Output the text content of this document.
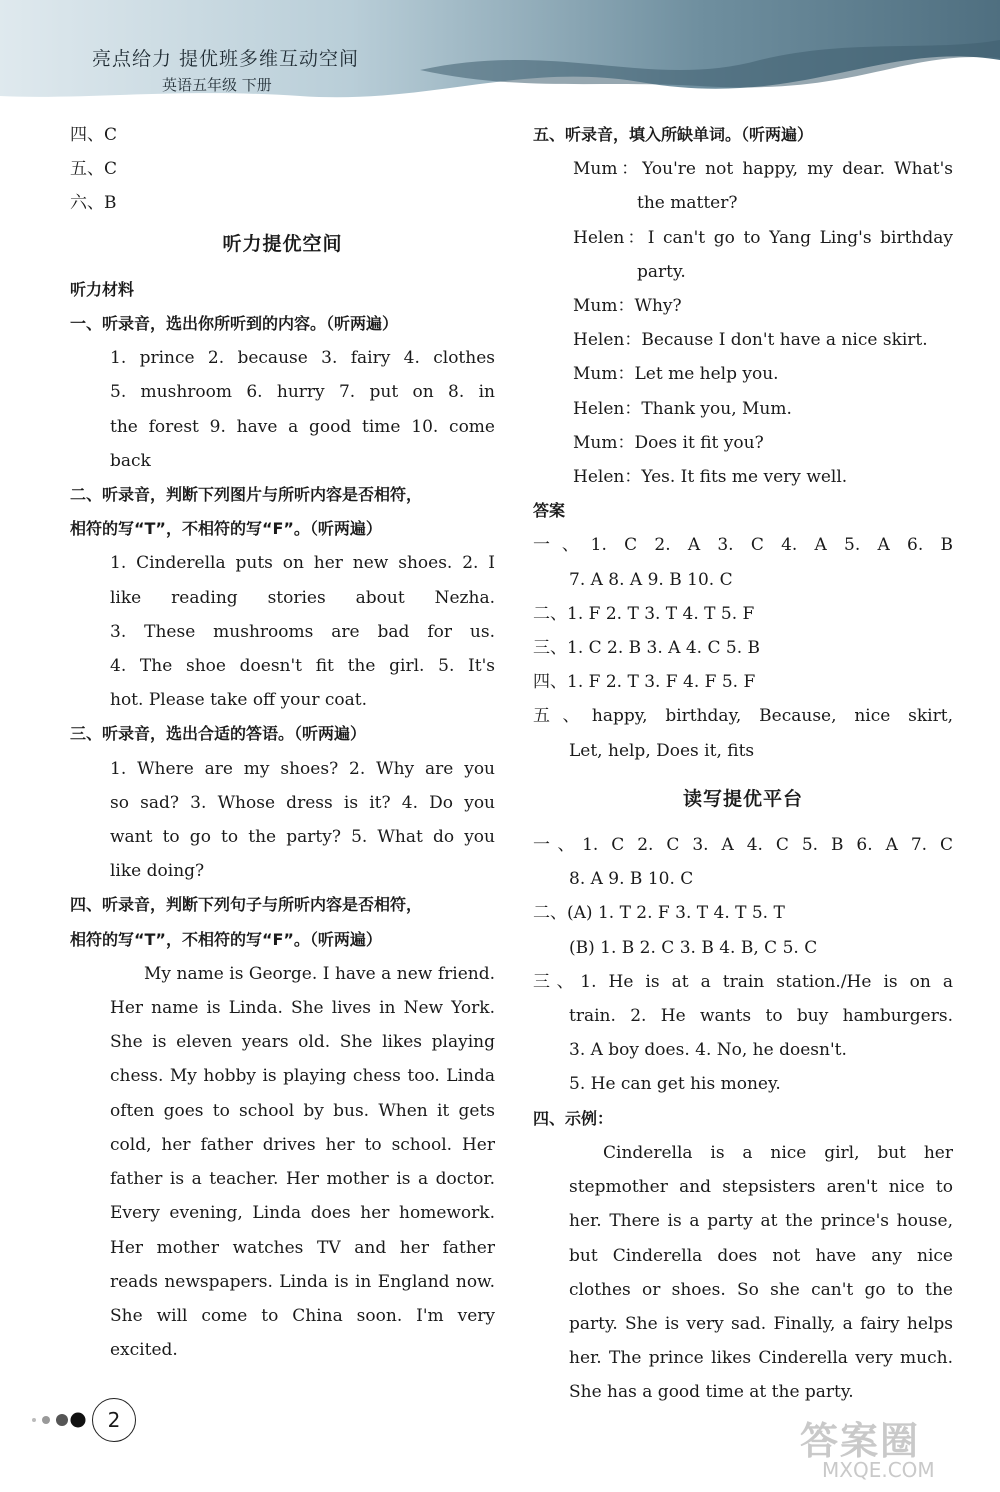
亮点给力 提优班多维互动空间
英语五年级 下册
四、C
五、C
六、B
听力提优空间
听力材料
一、听录音，选出你所听到的内容。（听两遍）
1. prince 2. because 3. fairy 4. clothes
5. mushroom 6. hurry 7. put on 8. in
the forest 9. have a good time 10. come
back
二、听录音，判断下列图片与所听内容是否相符，
相符的写“T”，不相符的写“F”。（听两遍）
1. Cinderella puts on her new shoes. 2. I
like reading stories about Nezha.
3. These mushrooms are bad for us.
4. The shoe doesn't fit the girl. 5. It's
hot. Please take off your coat.
三、听录音，选出合适的答语。（听两遍）
1. Where are my shoes? 2. Why are you
so sad? 3. Whose dress is it? 4. Do you
want to go to the party? 5. What do you
like doing?
四、听录音，判断下列句子与所听内容是否相符，
相符的写“T”，不相符的写“F”。（听两遍）
My name is George. I have a new friend. Her name is Linda. She lives in New York. She is eleven years old. She likes playing chess. My hobby is playing chess too. Linda often goes to school by bus. When it gets cold, her father drives her to school. Her father is a teacher. Her mother is a doctor. Every evening, Linda does her homework. Her mother watches TV and her father reads newspapers. Linda is in England now. She will come to China soon. I'm very excited.
五、听录音，填入所缺单词。（听两遍）
Mum：You're not happy, my dear. What's
the matter?
Helen：I can't go to Yang Ling's birthday
party.
Mum：Why?
Helen：Because I don't have a nice skirt.
Mum：Let me help you.
Helen：Thank you, Mum.
Mum：Does it fit you?
Helen：Yes. It fits me very well.
答案
一、1. C 2. A 3. C 4. A 5. A 6. B
7. A 8. A 9. B 10. C
二、1. F 2. T 3. T 4. T 5. F
三、1. C 2. B 3. A 4. C 5. B
四、1. F 2. T 3. F 4. F 5. F
五、happy, birthday, Because, nice skirt,
Let, help, Does it, fits
读写提优平台
一、1. C 2. C 3. A 4. C 5. B 6. A 7. C
8. A 9. B 10. C
二、(A) 1. T 2. F 3. T 4. T 5. T
(B) 1. B 2. C 3. B 4. B, C 5. C
三、1. He is at a train station./He is on a
train. 2. He wants to buy hamburgers.
3. A boy does. 4. No, he doesn't.
5. He can get his money.
四、示例：
Cinderella is a nice girl, but her stepmother and stepsisters aren't nice to her. There is a party at the prince's house, but Cinderella does not have any nice clothes or shoes. So she can't go to the party. She is very sad. Finally, a fairy helps her. The prince likes Cinderella very much. She has a good time at the party.
2	答案圈
MXQE.COM
